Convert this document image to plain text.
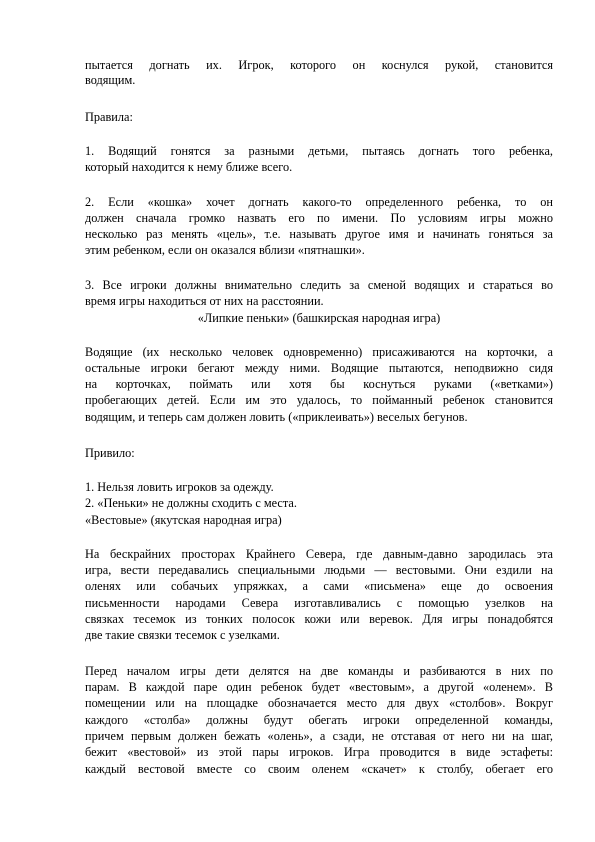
пытается догнать их. Игрок, которого он коснулся рукой, становится
водящим.
Правила:
1. Водящий гонятся за разными детьми, пытаясь догнать того ребенка,
который находится к нему ближе всего.
2. Если «кошка» хочет догнать какого-то определенного ребенка, то он
должен сначала громко назвать его по имени. По условиям игры можно
несколько раз менять «цель», т.е. называть другое имя и начинать гоняться за
этим ребенком, если он оказался вблизи «пятнашки».
3. Все игроки должны внимательно следить за сменой водящих и стараться во
время игры находиться от них на расстоянии.
«Липкие пеньки» (башкирская народная игра)
Водящие (их несколько человек одновременно) присаживаются на корточки, а
остальные игроки бегают между ними. Водящие пытаются, неподвижно сидя
на корточках, поймать или хотя бы коснуться руками («ветками»)
пробегающих детей. Если им это удалось, то пойманный ребенок становится
водящим, и теперь сам должен ловить («приклеивать») веселых бегунов.
Привило:
1. Нельзя ловить игроков за одежду.
2. «Пеньки» не должны сходить с места.
«Вестовые» (якутская народная игра)
На бескрайних просторах Крайнего Севера, где давным-давно зародилась эта
игра, вести передавались специальными людьми — вестовыми. Они ездили на
оленях или собачьих упряжках, а сами «письмена» еще до освоения
письменности народами Севера изготавливались с помощью узелков на
связках тесемок из тонких полосок кожи или веревок. Для игры понадобятся
две такие связки тесемок с узелками.
Перед началом игры дети делятся на две команды и разбиваются в них по
парам. В каждой паре один ребенок будет «вестовым», а другой «оленем». В
помещении или на площадке обозначается место для двух «столбов». Вокруг
каждого «столба» должны будут обегать игроки определенной команды,
причем первым должен бежать «олень», а сзади, не отставая от него ни на шаг,
бежит «вестовой» из этой пары игроков. Игра проводится в виде эстафеты:
каждый вестовой вместе со своим оленем «скачет» к столбу, обегает его
